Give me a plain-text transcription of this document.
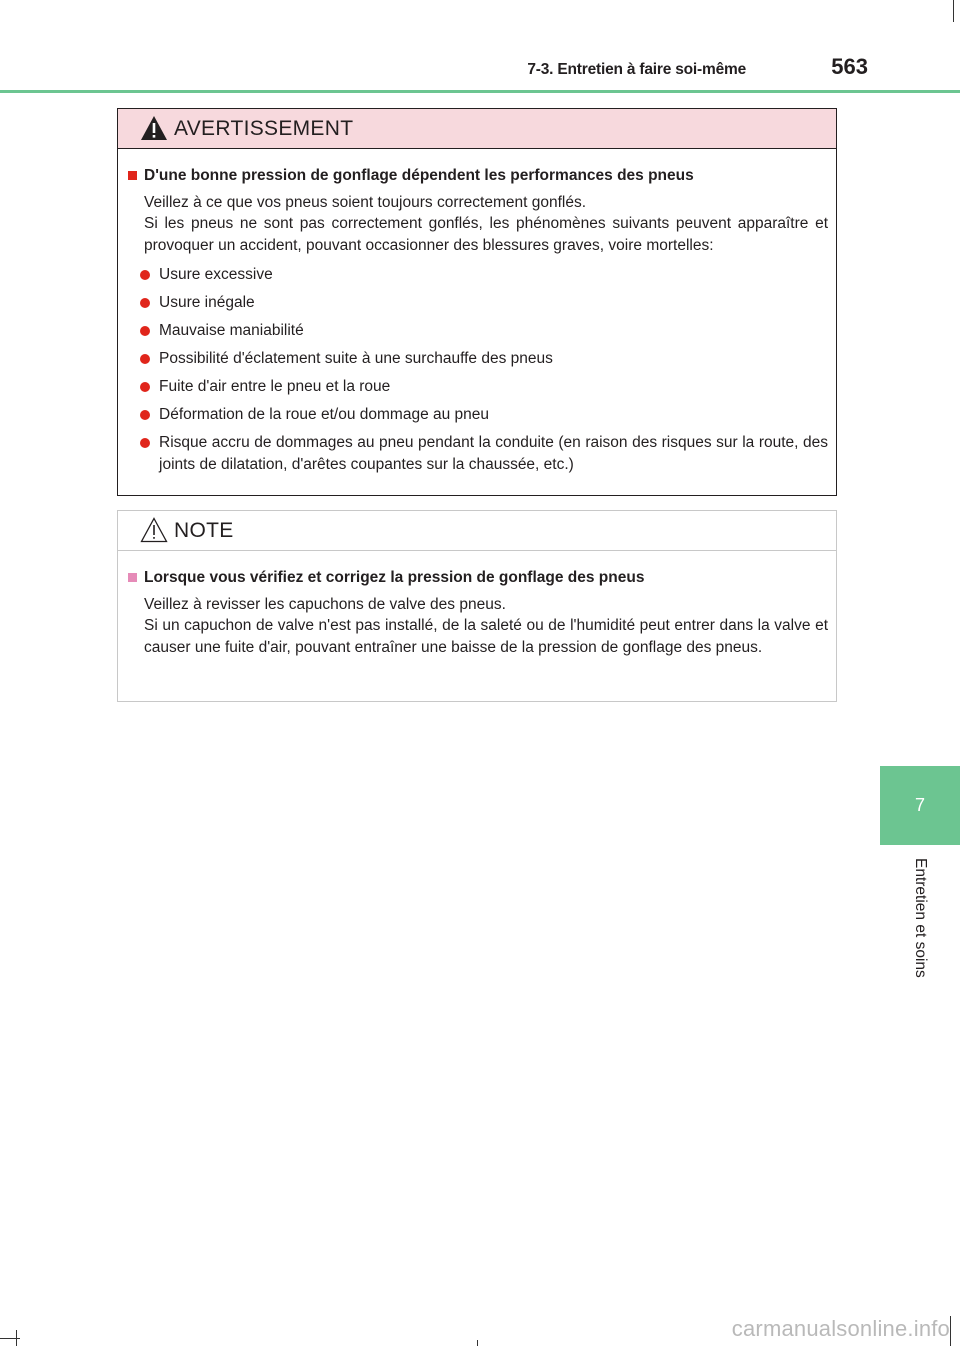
7-3. Entretien à faire soi-même	563
AVERTISSEMENT
D'une bonne pression de gonflage dépendent les performances des pneus
Veillez à ce que vos pneus soient toujours correctement gonflés.
Si les pneus ne sont pas correctement gonflés, les phénomènes suivants peuvent apparaître et provoquer un accident, pouvant occasionner des blessures graves, voire mortelles:
Usure excessive
Usure inégale
Mauvaise maniabilité
Possibilité d'éclatement suite à une surchauffe des pneus
Fuite d'air entre le pneu et la roue
Déformation de la roue et/ou dommage au pneu
Risque accru de dommages au pneu pendant la conduite (en raison des risques sur la route, des joints de dilatation, d'arêtes coupantes sur la chaussée, etc.)
NOTE
Lorsque vous vérifiez et corrigez la pression de gonflage des pneus
Veillez à revisser les capuchons de valve des pneus.
Si un capuchon de valve n'est pas installé, de la saleté ou de l'humidité peut entrer dans la valve et causer une fuite d'air, pouvant entraîner une baisse de la pression de gonflage des pneus.
7
Entretien et soins
carmanualsonline.info
